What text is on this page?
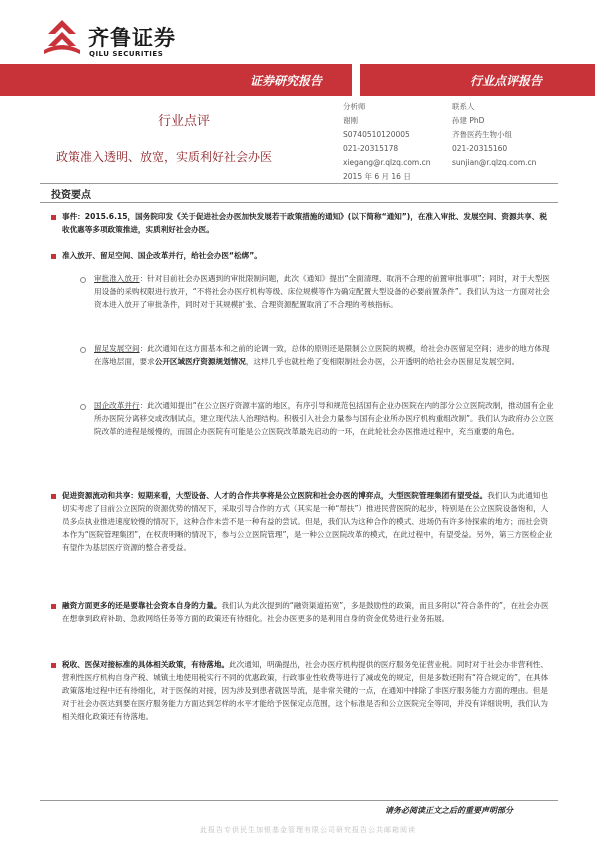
齐鲁证券
QILU SECURITIES
证券研究报告	行业点评报告
行业点评
政策准入透明、放宽，实质利好社会办医
分析师
谢刚
S0740510120005
021-20315178
xiegang@r.qlzq.com.cn
2015 年 6 月 16 日
联系人
孙建 PhD
齐鲁医药生物小组
021-20315160
sunjian@r.qlzq.com.cn
投资要点
事件：2015.6.15，国务院印发《关于促进社会办医加快发展若干政策措施的通知》(以下简称“通知”)，在准入审批、发展空间、资源共享、税收优惠等多项政策推进，实质利好社会办医。
准入放开、留足空间、国企改革并行，给社会办医“松绑”。
审批准入放开：针对目前社会办医遇到的审批限制问题，此次《通知》提出“全面清理、取消不合理的前置审批事项”；同时，对于大型医用设备的采购权限进行放开，“不将社会办医疗机构等级、床位规模等作为确定配置大型设备的必要前置条件”。我们认为这一方面对社会资本进入放开了审批条件，同时对于其规模扩张、合理资源配置取消了不合理的考核指标。
留足发展空间：此次通知在这方面基本和之前的论调一致，总体的原则还是限制公立医院的规模，给社会办医留足空间；进步的地方体现在落地层面，要求公开区域医疗资源规划情况，这样几乎也就杜绝了变相限制社会办医，公开透明的给社会办医留足发展空间。
国企改革并行：此次通知提出“在公立医疗资源丰富的地区，有序引导和规范包括国有企业办医院在内的部分公立医院改制，推动国有企业所办医院分离移交或改制试点，建立现代法人治理结构。积极引入社会力量参与国有企业所办医疗机构重组改制”。我们认为政府办公立医院改革的进程是缓慢的，而国企办医院有可能是公立医院改革最先启动的一环，在此轮社会办医推进过程中，充当重要的角色。
促进资源流动和共享：短期来看，大型设备、人才的合作共享将是公立医院和社会办医的博弈点，大型医院管理集团有望受益。我们认为此通知也切实考虑了目前公立医院的资源优势的情况下，采取引导合作的方式（其实是一种“帮扶”）推进民营医院的起步，特别是在公立医院设备饱和，人员多点执业推进速度较慢的情况下，这种合作未尝不是一种有益的尝试。但是，我们认为这种合作的模式、进场仍有许多待探索的地方；而社会资本作为“医院管理集团”，在权责明晰的情况下，参与公立医院管理”，是一种公立医院改革的模式，在此过程中，有望受益。另外，第三方医检企业有望作为基层医疗资源的整合者受益。
融资方面更多的还是要靠社会资本自身的力量。我们认为此次提到的“融资渠道拓宽”，多是鼓励性的政策，而且多附以“符合条件的”，在社会办医在想拿到政府补助、急救网络任务等方面的政策还有待细化。社会办医更多的是利用自身的资金优势进行业务拓展。
税收、医保对接标准的具体相关政策，有待落地。此次通知，明确提出，社会办医疗机构提供的医疗服务免征营业税。同时对于社会办非营利性、营利性医疗机构自身产税、城镇土地使用税实行不同的优惠政策，行政事业性收费等进行了减或免的规定，但是多数还附有“符合规定的”，在具体政策落地过程中还有待细化，对于医保的对接，因为涉及到患者就医导流，是非常关键的一点，在通知中排除了非医疗服务能力方面的理由。但是对于社会办医达到要在医疗服务能力方面达到怎样的水平才能给予医保定点范围，这个标准是否和公立医院完全等同，并没有详细说明，我们认为相关细化政策还有待落地。
请务必阅读正文之后的重要声明部分
此报告专供民生加银基金管理有限公司研究报告公共邮箱阅读
